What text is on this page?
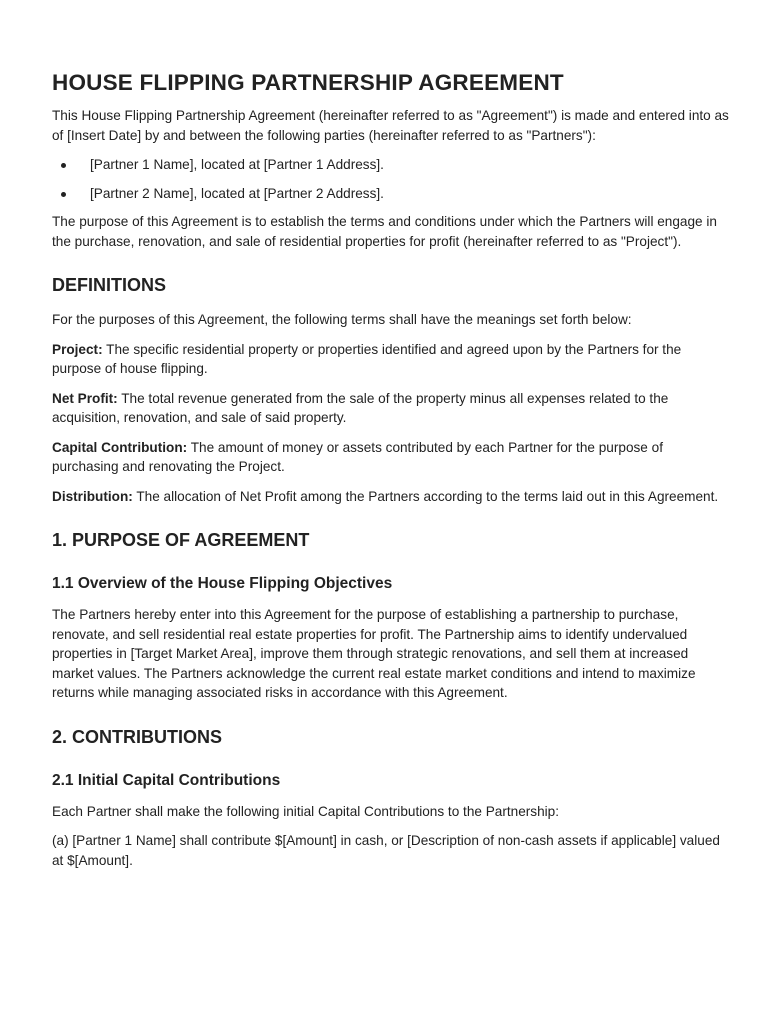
HOUSE FLIPPING PARTNERSHIP AGREEMENT

This House Flipping Partnership Agreement (hereinafter referred to as "Agreement") is made and entered into as of [Insert Date] by and between the following parties (hereinafter referred to as "Partners"):

[Partner 1 Name], located at [Partner 1 Address].
[Partner 2 Name], located at [Partner 2 Address].

The purpose of this Agreement is to establish the terms and conditions under which the Partners will engage in the purchase, renovation, and sale of residential properties for profit (hereinafter referred to as "Project").

DEFINITIONS

For the purposes of this Agreement, the following terms shall have the meanings set forth below:

Project: The specific residential property or properties identified and agreed upon by the Partners for the purpose of house flipping.

Net Profit: The total revenue generated from the sale of the property minus all expenses related to the acquisition, renovation, and sale of said property.

Capital Contribution: The amount of money or assets contributed by each Partner for the purpose of purchasing and renovating the Project.

Distribution: The allocation of Net Profit among the Partners according to the terms laid out in this Agreement.

1. PURPOSE OF AGREEMENT
1.1 Overview of the House Flipping Objectives

The Partners hereby enter into this Agreement for the purpose of establishing a partnership to purchase, renovate, and sell residential real estate properties for profit. The Partnership aims to identify undervalued properties in [Target Market Area], improve them through strategic renovations, and sell them at increased market values. The Partners acknowledge the current real estate market conditions and intend to maximize returns while managing associated risks in accordance with this Agreement.

2. CONTRIBUTIONS
2.1 Initial Capital Contributions

Each Partner shall make the following initial Capital Contributions to the Partnership:

(a) [Partner 1 Name] shall contribute $[Amount] in cash, or [Description of non-cash assets if applicable] valued at $[Amount].
